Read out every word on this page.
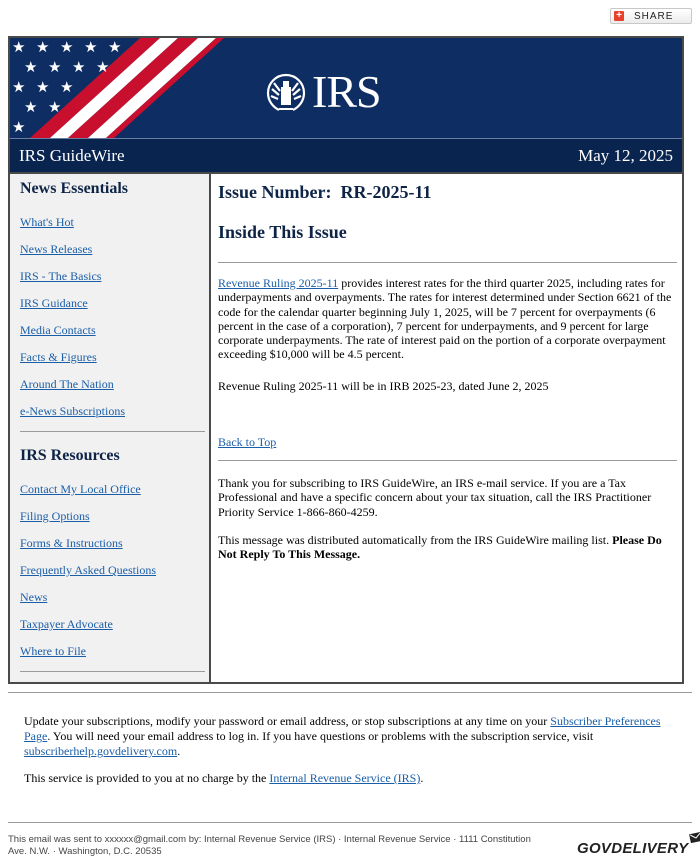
+ SHARE
★ ★ ★ ★ ★
★ ★ ★ ★
★ ★ ★
★ ★
★
IRS
IRS GuideWire	May 12, 2025
News Essentials
What's Hot
News Releases
IRS - The Basics
IRS Guidance
Media Contacts
Facts & Figures
Around The Nation
e-News Subscriptions
IRS Resources
Contact My Local Office
Filing Options
Forms & Instructions
Frequently Asked Questions
News
Taxpayer Advocate
Where to File
Issue Number: RR-2025-11
Inside This Issue

Revenue Ruling 2025-11 provides interest rates for the third quarter 2025, including rates for underpayments and overpayments. The rates for interest determined under Section 6621 of the code for the calendar quarter beginning July 1, 2025, will be 7 percent for overpayments (6 percent in the case of a corporation), 7 percent for underpayments, and 9 percent for large corporate underpayments. The rate of interest paid on the portion of a corporate overpayment exceeding $10,000 will be 4.5 percent.

Revenue Ruling 2025-11 will be in IRB 2025-23, dated June 2, 2025

Back to Top

Thank you for subscribing to IRS GuideWire, an IRS e-mail service. If you are a Tax Professional and have a specific concern about your tax situation, call the IRS Practitioner Priority Service 1-866-860-4259.

This message was distributed automatically from the IRS GuideWire mailing list. Please Do Not Reply To This Message.

Update your subscriptions, modify your password or email address, or stop subscriptions at any time on your Subscriber Preferences Page. You will need your email address to log in. If you have questions or problems with the subscription service, visit subscriberhelp.govdelivery.com.

This service is provided to you at no charge by the Internal Revenue Service (IRS).

This email was sent to xxxxxx@gmail.com by: Internal Revenue Service (IRS) · Internal Revenue Service · 1111 Constitution Ave. N.W. · Washington, D.C. 20535	GOVDELIVERY
